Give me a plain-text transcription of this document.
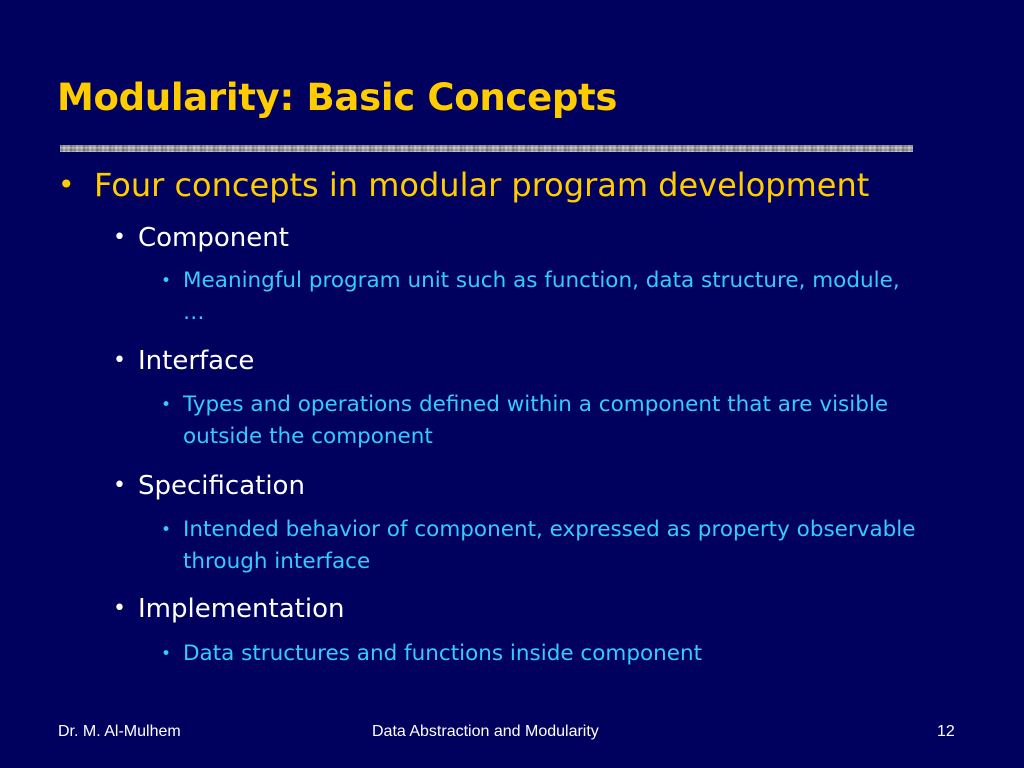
Modularity: Basic Concepts
• Four concepts in modular program development
• Component
• Meaningful program unit such as function, data structure, module, …
• Interface
• Types and operations defined within a component that are visible outside the component
• Specification
• Intended behavior of component, expressed as property observable through interface
• Implementation
• Data structures and functions inside component
Dr. M. Al-Mulhem	Data Abstraction and Modularity	12
